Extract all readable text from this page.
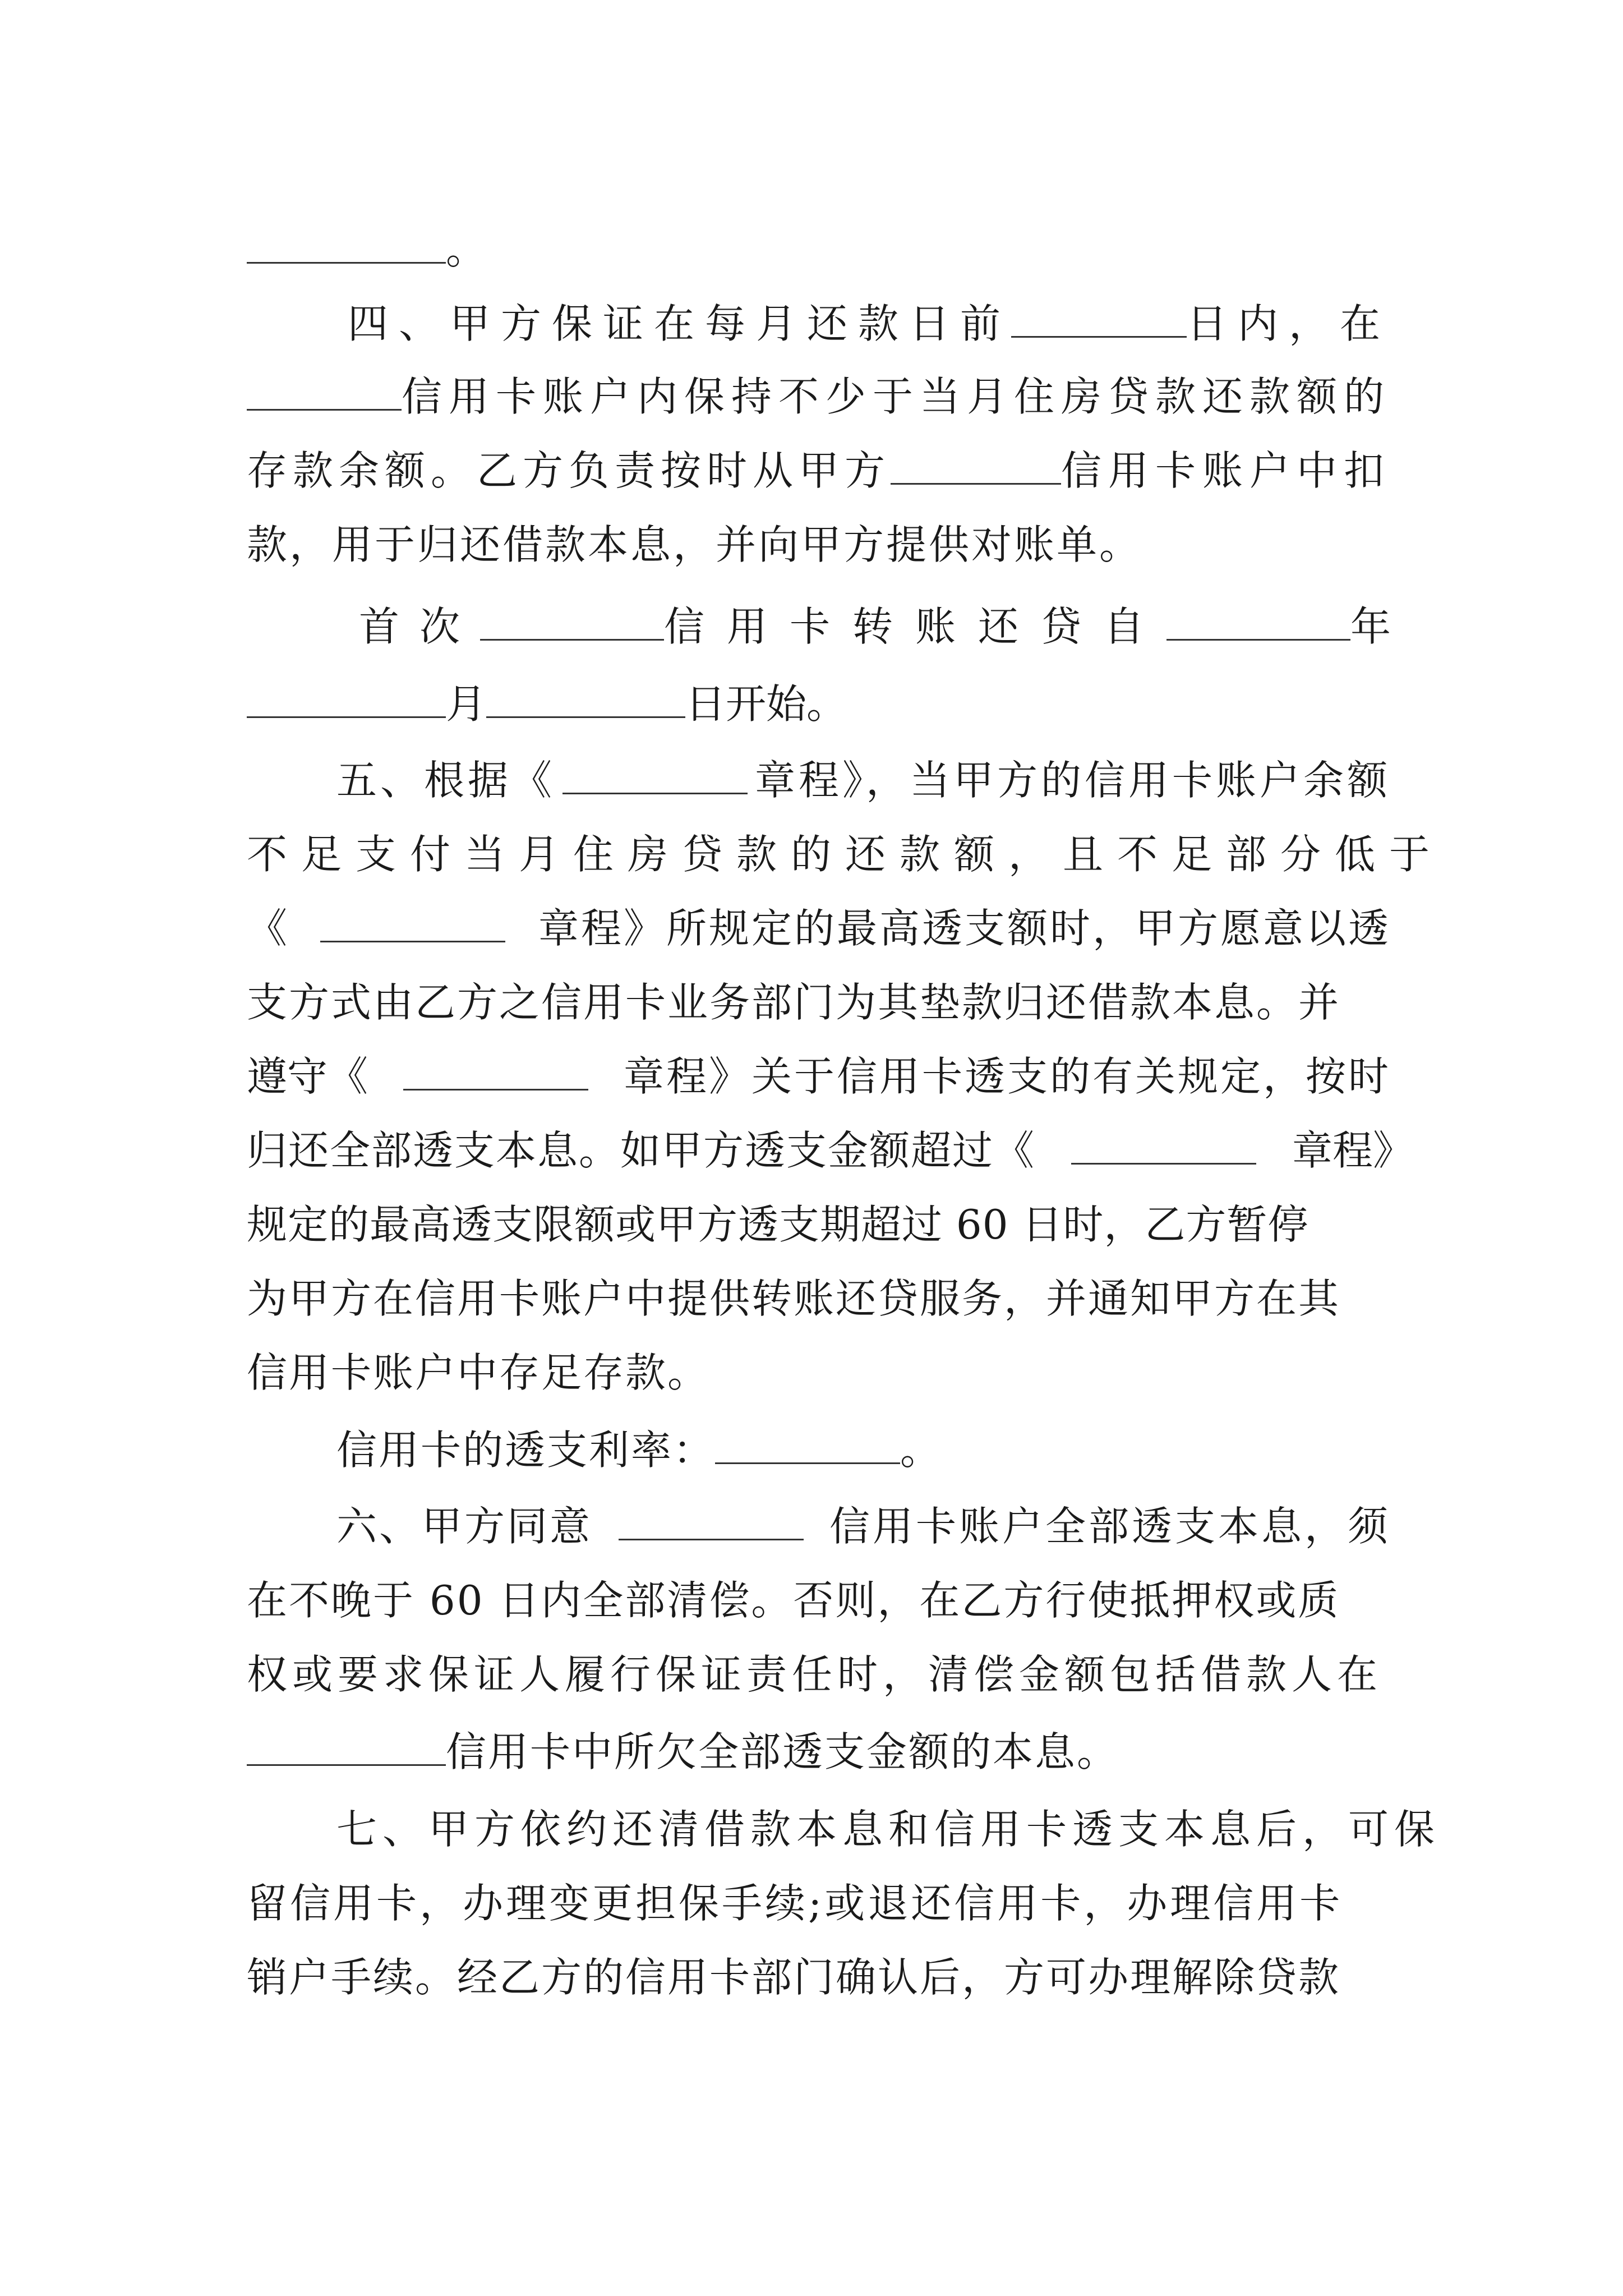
。
四、甲方保证在每月还款日前	日内，在
信用卡账户内保持不少于当月住房贷款还款额的
存款余额。乙方负责按时从甲方	信用卡账户中扣
款，用于归还借款本息，并向甲方提供对账单。
首次	信用卡转账还贷自	年
月	日开始。
五、根据《	章程》，当甲方的信用卡账户余额
不足支付当月住房贷款的还款额，且不足部分低于
《	章程》所规定的最高透支额时，甲方愿意以透
支方式由乙方之信用卡业务部门为其垫款归还借款本息。并
遵守《	章程》关于信用卡透支的有关规定，按时
归还全部透支本息。如甲方透支金额超过《	章程》
规定的最高透支限额或甲方透支期超过 60 日时，乙方暂停
为甲方在信用卡账户中提供转账还贷服务，并通知甲方在其
信用卡账户中存足存款。
信用卡的透支利率：	。
六、甲方同意	信用卡账户全部透支本息，须
在不晚于 60 日内全部清偿。否则，在乙方行使抵押权或质
权或要求保证人履行保证责任时，清偿金额包括借款人在
信用卡中所欠全部透支金额的本息。
七、甲方依约还清借款本息和信用卡透支本息后，可保
留信用卡，办理变更担保手续;或退还信用卡，办理信用卡
销户手续。经乙方的信用卡部门确认后，方可办理解除贷款
